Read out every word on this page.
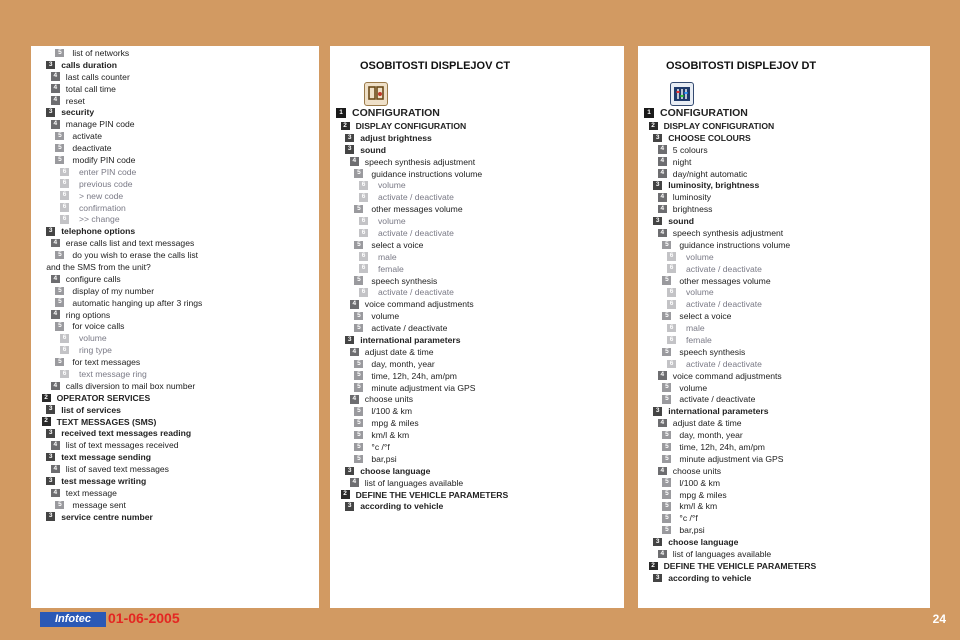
5	list of networks
3	calls duration
4	last calls counter
4	total call time
4	reset
3	security
4	manage PIN code
5	activate
5	deactivate
5	modify PIN code
6	enter PIN code
6	previous code
6	> new code
6	confirmation
6	>> change
3	telephone options
4	erase calls list and text messages
5	do you wish to erase the calls list
and the SMS from the unit?
4	configure calls
5	display of my number
5	automatic hanging up after 3 rings
4	ring options
5	for voice calls
6	volume
6	ring type
5	for text messages
6	text message ring
4	calls diversion to mail box number
2	OPERATOR SERVICES
3	list of services
2	TEXT MESSAGES (SMS)
3	received text messages reading
4	list of text messages received
3	text message sending
4	list of saved text messages
3	test message writing
4	text message
5	message sent
3	service centre number
OSOBITOSTI DISPLEJOV CT
1 CONFIGURATION
2	DISPLAY CONFIGURATION
3	adjust brightness
3	sound
4	speech synthesis adjustment
5	guidance instructions volume
6	volume
6	activate / deactivate
5	other messages volume
6	volume
6	activate / deactivate
5	select a voice
6	male
6	female
5	speech synthesis
6	activate / deactivate
4	voice command adjustments
5	volume
5	activate / deactivate
3	international parameters
4	adjust date & time
5	day, month, year
5	time, 12h, 24h, am/pm
5	minute adjustment via GPS
4	choose units
5	l/100 & km
5	mpg & miles
5	km/l & km
5	°c /°f
5	bar,psi
3	choose language
4	list of languages available
2	DEFINE THE VEHICLE PARAMETERS
3	according to vehicle
OSOBITOSTI DISPLEJOV DT
1 CONFIGURATION
2	DISPLAY CONFIGURATION
3	CHOOSE COLOURS
4	5 colours
4	night
4	day/night automatic
3	luminosity, brightness
4	luminosity
4	brightness
3	sound
4	speech synthesis adjustment
5	guidance instructions volume
6	volume
6	activate / deactivate
5	other messages volume
6	volume
6	activate / deactivate
5	select a voice
6	male
6	female
5	speech synthesis
6	activate / deactivate
4	voice command adjustments
5	volume
5	activate / deactivate
3	international parameters
4	adjust date & time
5	day, month, year
5	time, 12h, 24h, am/pm
5	minute adjustment via GPS
4	choose units
5	l/100 & km
5	mpg & miles
5	km/l & km
5	°c /°f
5	bar,psi
3	choose language
4	list of languages available
2	DEFINE THE VEHICLE PARAMETERS
3	according to vehicle
Infotec	01-06-2005	24
